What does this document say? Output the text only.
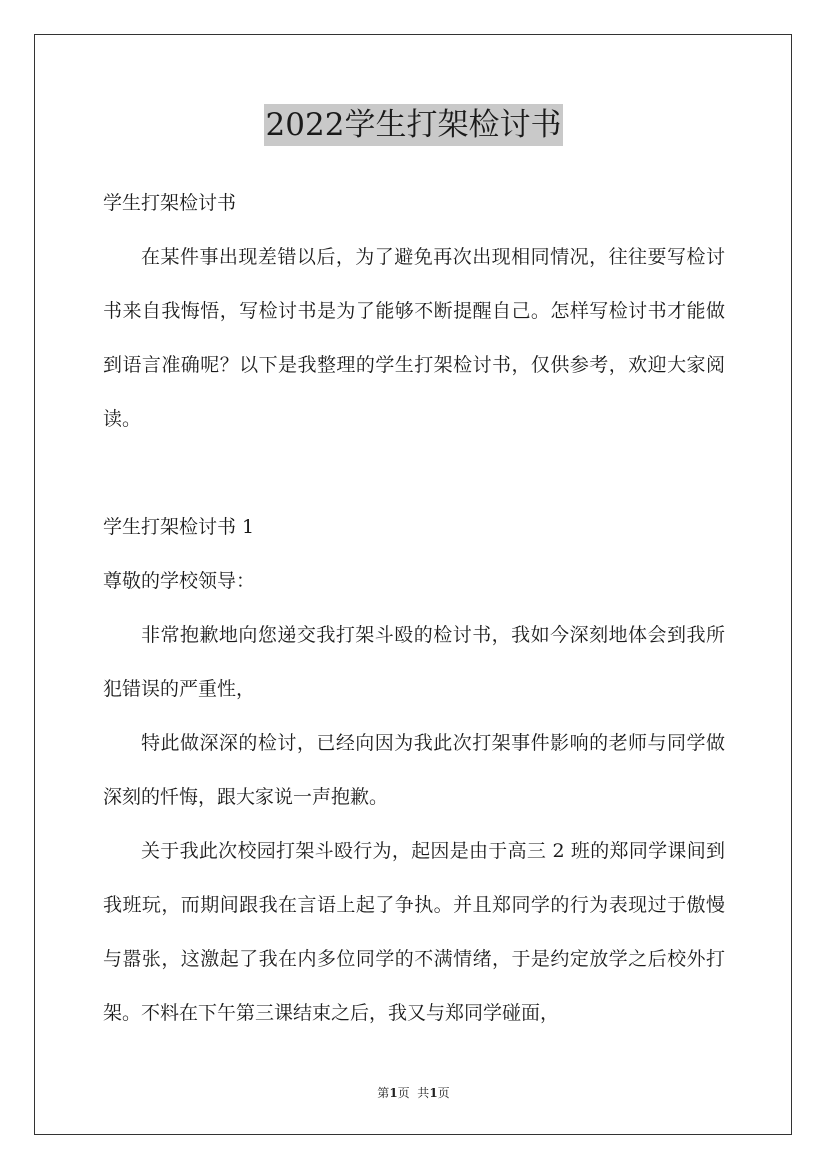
2022学生打架检讨书

学生打架检讨书

在某件事出现差错以后，为了避免再次出现相同情况，往往要写检讨书来自我悔悟，写检讨书是为了能够不断提醒自己。怎样写检讨书才能做到语言准确呢？以下是我整理的学生打架检讨书，仅供参考，欢迎大家阅读。

学生打架检讨书 1

尊敬的学校领导：

非常抱歉地向您递交我打架斗殴的检讨书，我如今深刻地体会到我所犯错误的严重性，

特此做深深的检讨，已经向因为我此次打架事件影响的老师与同学做深刻的忏悔，跟大家说一声抱歉。

关于我此次校园打架斗殴行为，起因是由于高三 2 班的郑同学课间到我班玩，而期间跟我在言语上起了争执。并且郑同学的行为表现过于傲慢与嚣张，这激起了我在内多位同学的不满情绪，于是约定放学之后校外打架。不料在下午第三课结束之后，我又与郑同学碰面，

第1页  共1页
